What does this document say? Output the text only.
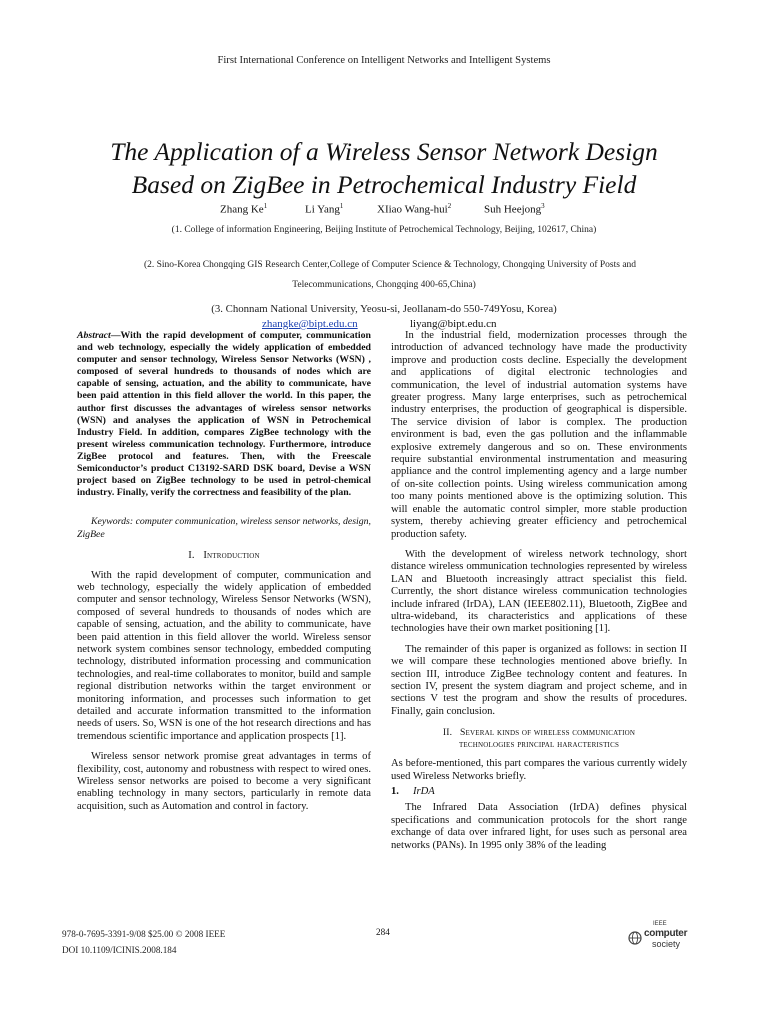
First International Conference on Intelligent Networks and Intelligent Systems
The Application of a Wireless Sensor Network Design
Based on ZigBee in Petrochemical Industry Field
Zhang Ke$^1$	Li Yang$^1$	XIiao Wang-hui$^2$	Suh Heejong$^3$
(1. College of information Engineering, Beijing Institute of Petrochemical Technology, Beijing, 102617, China)
(2. Sino-Korea Chongqing GIS Research Center,College of Computer Science & Technology, Chongqing University of Posts and
Telecommunications, Chongqing 400-65,China)
(3. Chonnam National University, Yeosu-si, Jeollanam-do 550-749Yosu, Korea)
zhangke@bipt.edu.cn	liyang@bipt.edu.cn
Abstract—With the rapid development of computer, communication and web technology, especially the widely application of embedded computer and sensor technology, Wireless Sensor Networks (WSN) , composed of several hundreds to thousands of nodes which are capable of sensing, actuation, and the ability to communicate, have been paid attention in this field allover the world. In this paper, the author first discusses the advantages of wireless sensor networks (WSN) and analyses the application of WSN in Petrochemical Industry Field. In addition, compares ZigBee technology with the present wireless communication technology. Furthermore, introduce ZigBee protocol and features. Then, with the Freescale Semiconductor’s product C13192-SARD DSK board, Devise a WSN project based on ZigBee technology to be used in petrol-chemical industry. Finally, verify the correctness and feasibility of the plan.
Keywords: computer communication, wireless sensor networks, design, ZigBee
I. Introduction

With the rapid development of computer, communication and web technology, especially the widely application of embedded computer and sensor technology, Wireless Sensor Networks (WSN), composed of several hundreds to thousands of nodes which are capable of sensing, actuation, and the ability to communicate, have been paid attention in this field allover the world. Wireless sensor network system combines sensor technology, embedded computing technology, distributed information processing and communication technologies, and real-time collaborates to monitor, build and sample regional distribution networks within the target environment or monitoring information, and processes such information to get detailed and accurate information transmitted to the information needs of users. So, WSN is one of the hot research directions and has tremendous scientific importance and application prospects [1].

Wireless sensor network promise great advantages in terms of flexibility, cost, autonomy and robustness with respect to wired ones. Wireless sensor networks are poised to become a very significant enabling technology in many sectors, particularly in remote data acquisition, such as Automation and control in factory.

In the industrial field, modernization processes through the introduction of advanced technology have made the productivity improve and production costs decline. Especially the development and applications of digital electronic technologies and communication, the level of industrial automation systems have greater progress. Many large enterprises, such as petrochemical industry enterprises, the production of geographical is dispersible. The service division of labor is complex. The production environment is bad, even the gas pollution and the inflammable explosive extremely dangerous and so on. These environments require substantial environmental instrumentation and measuring appliance and the control implementing agency and a large number of on-site collection points. Using wireless communication among too many points mentioned above is the optimizing solution. This will enable the automatic control simpler, more stable production system, thereby achieving greater efficiency and petrochemical production safety.

With the development of wireless network technology, short distance wireless ommunication technologies represented by wireless LAN and Bluetooth increasingly attract specialist this field. Currently, the short distance wireless communication technologies include infrared (IrDA), LAN (IEEE802.11), Bluetooth, ZigBee and ultra-wideband, its characteristics and applications of these technologies have their own market positioning [1].

The remainder of this paper is organized as follows: in section II we will compare these technologies mentioned above briefly. In section III, introduce ZigBee technology content and features. In section IV, present the system diagram and project scheme, and in sections V test the program and show the results of procedures. Finally, gain conclusion.

II. Several kinds of wireless communication
technologies principal haracteristics

As before-mentioned, this part compares the various currently widely used Wireless Networks briefly.

1. IrDA

The Infrared Data Association (IrDA) defines physical specifications and communication protocols for the short range exchange of data over infrared light, for uses such as personal area networks (PANs). In 1995 only 38% of the leading

978-0-7695-3391-9/08 $25.00 © 2008 IEEE
DOI 10.1109/ICINIS.2008.184
284
IEEE
computer
society
